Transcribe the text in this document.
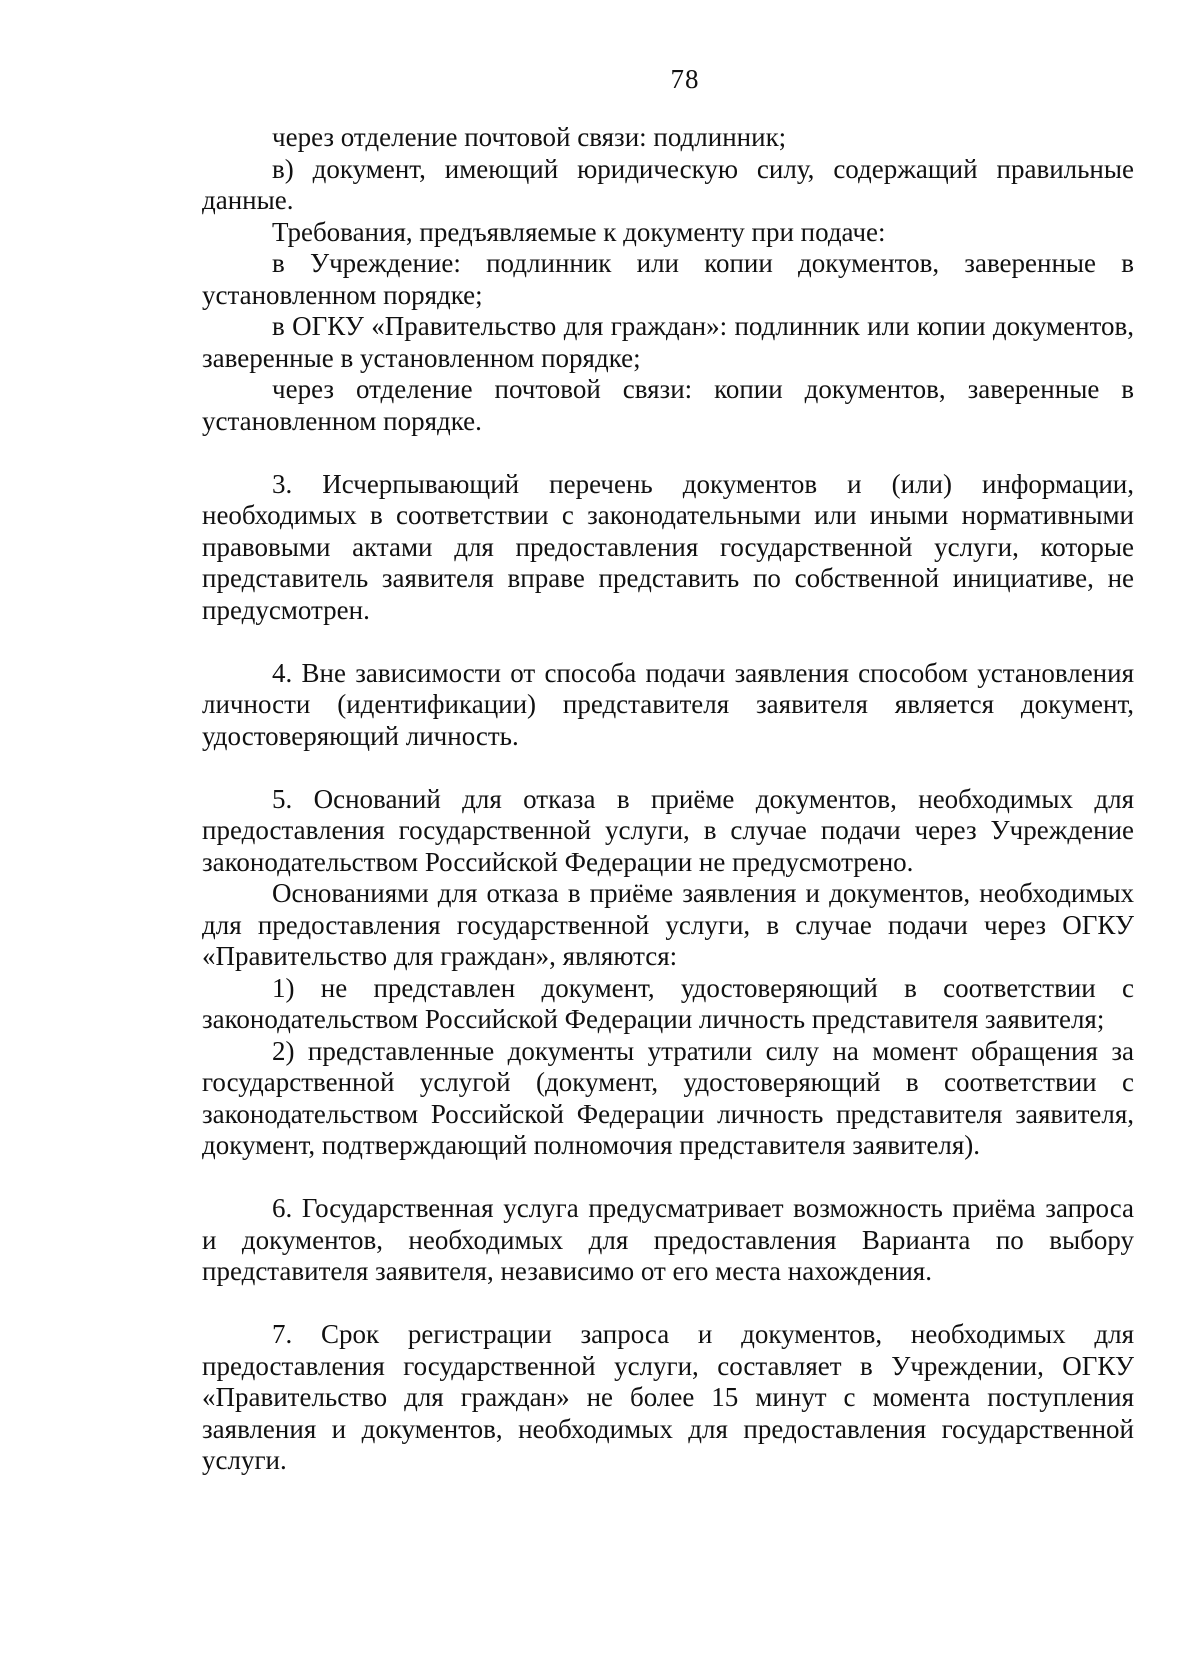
78

через отделение почтовой связи: подлинник;

в) документ, имеющий юридическую силу, содержащий правильные данные.

Требования, предъявляемые к документу при подаче:

в Учреждение: подлинник или копии документов, заверенные в установленном порядке;

в ОГКУ «Правительство для граждан»: подлинник или копии документов, заверенные в установленном порядке;

через отделение почтовой связи: копии документов, заверенные в установленном порядке.

3. Исчерпывающий перечень документов и (или) информации, необходимых в соответствии с законодательными или иными нормативными правовыми актами для предоставления государственной услуги, которые представитель заявителя вправе представить по собственной инициативе, не предусмотрен.

4. Вне зависимости от способа подачи заявления способом установления личности (идентификации) представителя заявителя является документ, удостоверяющий личность.

5. Оснований для отказа в приёме документов, необходимых для предоставления государственной услуги, в случае подачи через Учреждение законодательством Российской Федерации не предусмотрено.

Основаниями для отказа в приёме заявления и документов, необходимых для предоставления государственной услуги, в случае подачи через ОГКУ «Правительство для граждан», являются:

1) не представлен документ, удостоверяющий в соответствии с законодательством Российской Федерации личность представителя заявителя;

2) представленные документы утратили силу на момент обращения за государственной услугой (документ, удостоверяющий в соответствии с законодательством Российской Федерации личность представителя заявителя, документ, подтверждающий полномочия представителя заявителя).

6. Государственная услуга предусматривает возможность приёма запроса и документов, необходимых для предоставления Варианта по выбору представителя заявителя, независимо от его места нахождения.

7. Срок регистрации запроса и документов, необходимых для предоставления государственной услуги, составляет в Учреждении, ОГКУ «Правительство для граждан» не более 15 минут с момента поступления заявления и документов, необходимых для предоставления государственной услуги.
